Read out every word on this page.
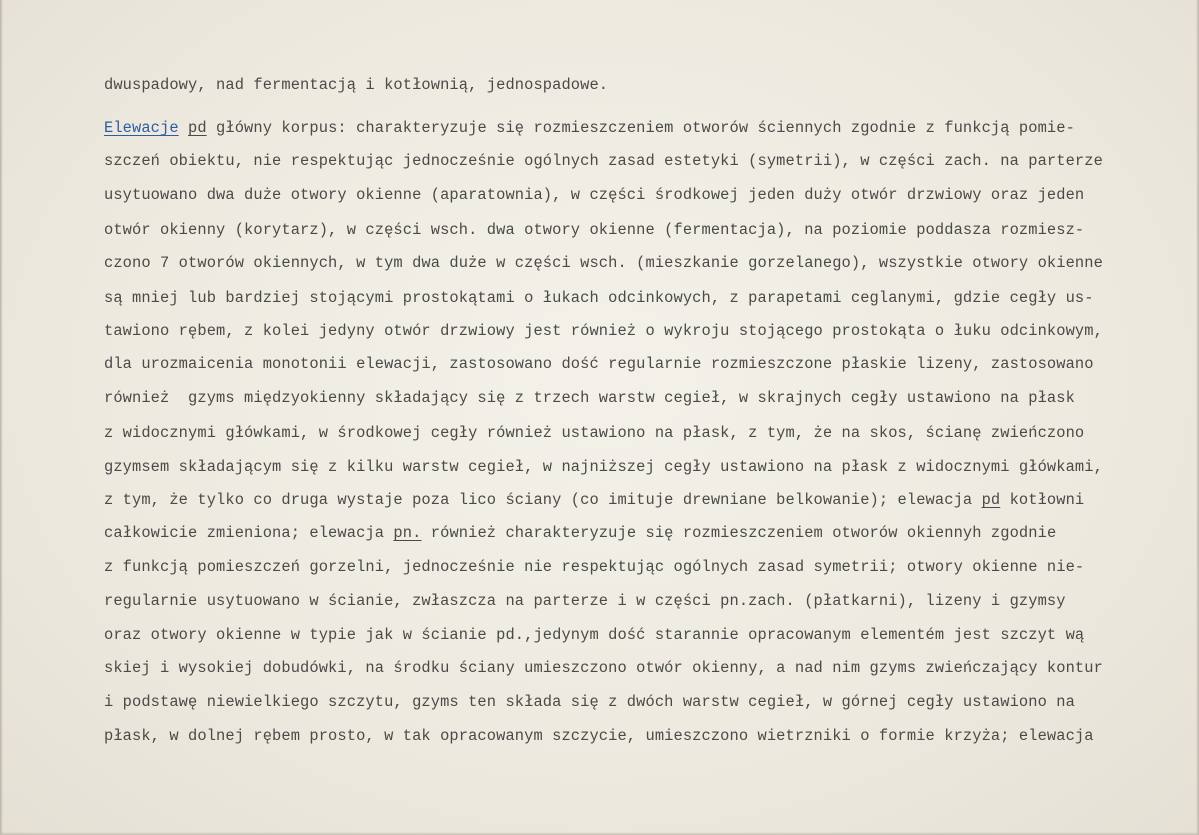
dwuspadowy, nad fermentacją i kotłownią, jednospadowe.
Elewacje pd główny korpus: charakteryzuje się rozmieszczeniem otworów ściennych zgodnie z funkcją pomie-
szczeń obiektu, nie respektując jednocześnie ogólnych zasad estetyki (symetrii), w części zach. na parterze
usytuowano dwa duże otwory okienne (aparatownia), w części środkowej jeden duży otwór drzwiowy oraz jeden
otwór okienny (korytarz), w części wsch. dwa otwory okienne (fermentacja), na poziomie poddasza rozmiesz-
czono 7 otworów okiennych, w tym dwa duże w części wsch. (mieszkanie gorzelanego), wszystkie otwory okienne
są mniej lub bardziej stojącymi prostokątami o łukach odcinkowych, z parapetami ceglanymi, gdzie cegły us-
tawiono rębem, z kolei jedyny otwór drzwiowy jest również o wykroju stojącego prostokąta o łuku odcinkowym,
dla urozmaicenia monotonii elewacji, zastosowano dość regularnie rozmieszczone płaskie lizeny, zastosowano
również  gzyms międzyokienny składający się z trzech warstw cegieł, w skrajnych cegły ustawiono na płask
z widocznymi główkami, w środkowej cegły również ustawiono na płask, z tym, że na skos, ścianę zwieńczono
gzymsem składającym się z kilku warstw cegieł, w najniższej cegły ustawiono na płask z widocznymi główkami,
z tym, że tylko co druga wystaje poza lico ściany (co imituje drewniane belkowanie); elewacja pd kotłowni
całkowicie zmieniona; elewacja pn. również charakteryzuje się rozmieszczeniem otworów okiennyh zgodnie
z funkcją pomieszczeń gorzelni, jednocześnie nie respektując ogólnych zasad symetrii; otwory okienne nie-
regularnie usytuowano w ścianie, zwłaszcza na parterze i w części pn.zach. (płatkarni), lizeny i gzymsy
oraz otwory okienne w typie jak w ścianie pd.,jedynym dość starannie opracowanym elementém jest szczyt wą
skiej i wysokiej dobudówki, na środku ściany umieszczono otwór okienny, a nad nim gzyms zwieńczający kontur
i podstawę niewielkiego szczytu, gzyms ten składa się z dwóch warstw cegieł, w górnej cegły ustawiono na
płask, w dolnej rębem prosto, w tak opracowanym szczycie, umieszczono wietrzniki o formie krzyża; elewacja
